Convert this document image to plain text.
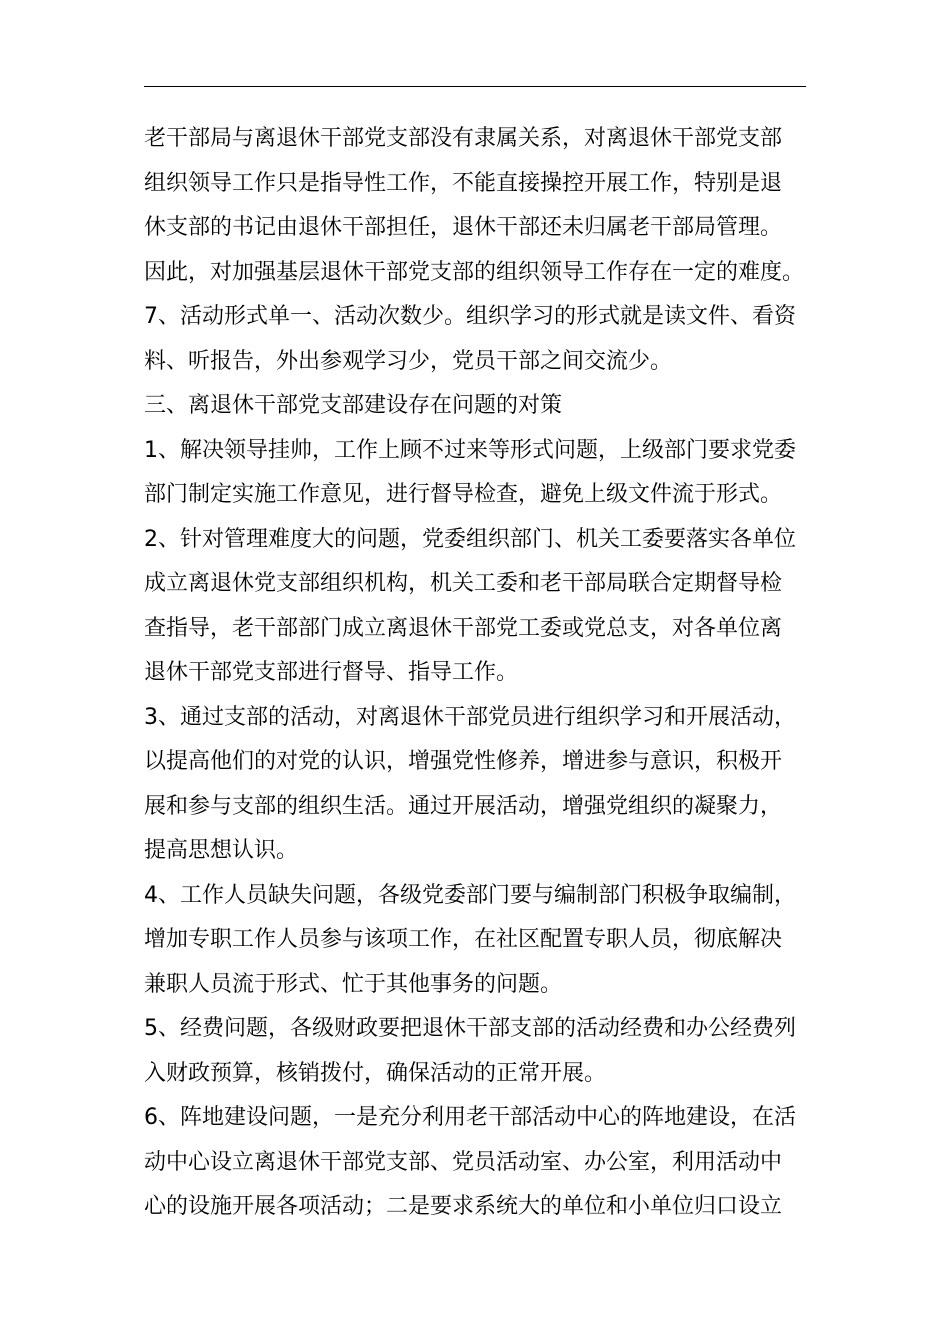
老干部局与离退休干部党支部没有隶属关系，对离退休干部党支部
组织领导工作只是指导性工作，不能直接操控开展工作，特别是退
休支部的书记由退休干部担任，退休干部还未归属老干部局管理。
因此，对加强基层退休干部党支部的组织领导工作存在一定的难度。
7、活动形式单一、活动次数少。组织学习的形式就是读文件、看资
料、听报告，外出参观学习少，党员干部之间交流少。
三、离退休干部党支部建设存在问题的对策
1、解决领导挂帅，工作上顾不过来等形式问题，上级部门要求党委
部门制定实施工作意见，进行督导检查，避免上级文件流于形式。
2、针对管理难度大的问题，党委组织部门、机关工委要落实各单位
成立离退休党支部组织机构，机关工委和老干部局联合定期督导检
查指导，老干部部门成立离退休干部党工委或党总支，对各单位离
退休干部党支部进行督导、指导工作。
3、通过支部的活动，对离退休干部党员进行组织学习和开展活动，
以提高他们的对党的认识，增强党性修养，增进参与意识，积极开
展和参与支部的组织生活。通过开展活动，增强党组织的凝聚力，
提高思想认识。
4、工作人员缺失问题，各级党委部门要与编制部门积极争取编制，
增加专职工作人员参与该项工作，在社区配置专职人员，彻底解决
兼职人员流于形式、忙于其他事务的问题。
5、经费问题，各级财政要把退休干部支部的活动经费和办公经费列
入财政预算，核销拨付，确保活动的正常开展。
6、阵地建设问题，一是充分利用老干部活动中心的阵地建设，在活
动中心设立离退休干部党支部、党员活动室、办公室，利用活动中
心的设施开展各项活动；二是要求系统大的单位和小单位归口设立
